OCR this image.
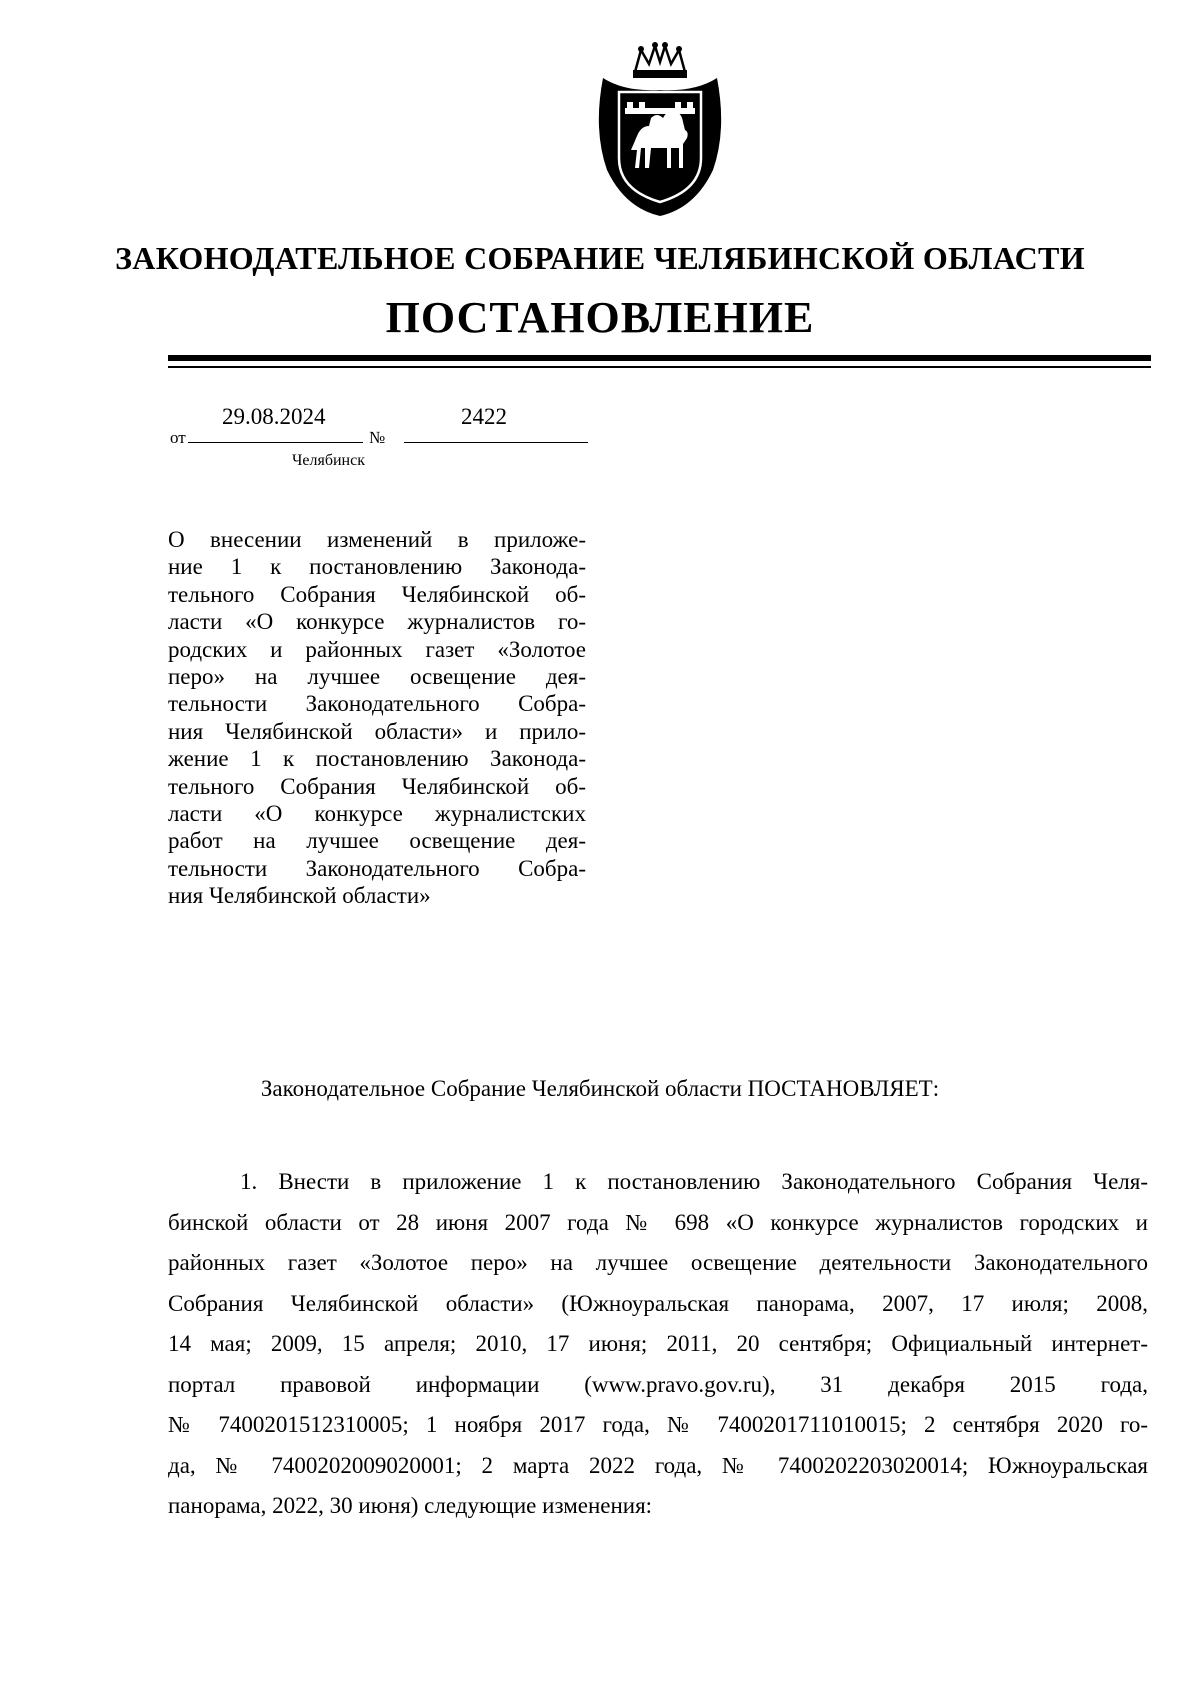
ЗАКОНОДАТЕЛЬНОЕ СОБРАНИЕ ЧЕЛЯБИНСКОЙ ОБЛАСТИ
ПОСТАНОВЛЕНИЕ
от
29.08.2024
№
2422
Челябинск
О внесении изменений в приложе-
ние 1 к постановлению Законода-
тельного Собрания Челябинской об-
ласти «О конкурсе журналистов го-
родских и районных газет «Золотое
перо» на лучшее освещение дея-
тельности Законодательного Собра-
ния Челябинской области» и прило-
жение 1 к постановлению Законода-
тельного Собрания Челябинской об-
ласти «О конкурсе журналистских
работ на лучшее освещение дея-
тельности Законодательного Собра-
ния Челябинской области»
Законодательное Собрание Челябинской области ПОСТАНОВЛЯЕТ:
1. Внести в приложение 1 к постановлению Законодательного Собрания Челя-
бинской области от 28 июня 2007 года № 698 «О конкурсе журналистов городских и
районных газет «Золотое перо» на лучшее освещение деятельности Законодательного
Собрания Челябинской области» (Южноуральская панорама, 2007, 17 июля; 2008,
14 мая; 2009, 15 апреля; 2010, 17 июня; 2011, 20 сентября; Официальный интернет-
портал правовой информации (www.pravo.gov.ru), 31 декабря 2015 года,
№ 7400201512310005; 1 ноября 2017 года, № 7400201711010015; 2 сентября 2020 го-
да, № 7400202009020001; 2 марта 2022 года, № 7400202203020014; Южноуральская
панорама, 2022, 30 июня) следующие изменения:
